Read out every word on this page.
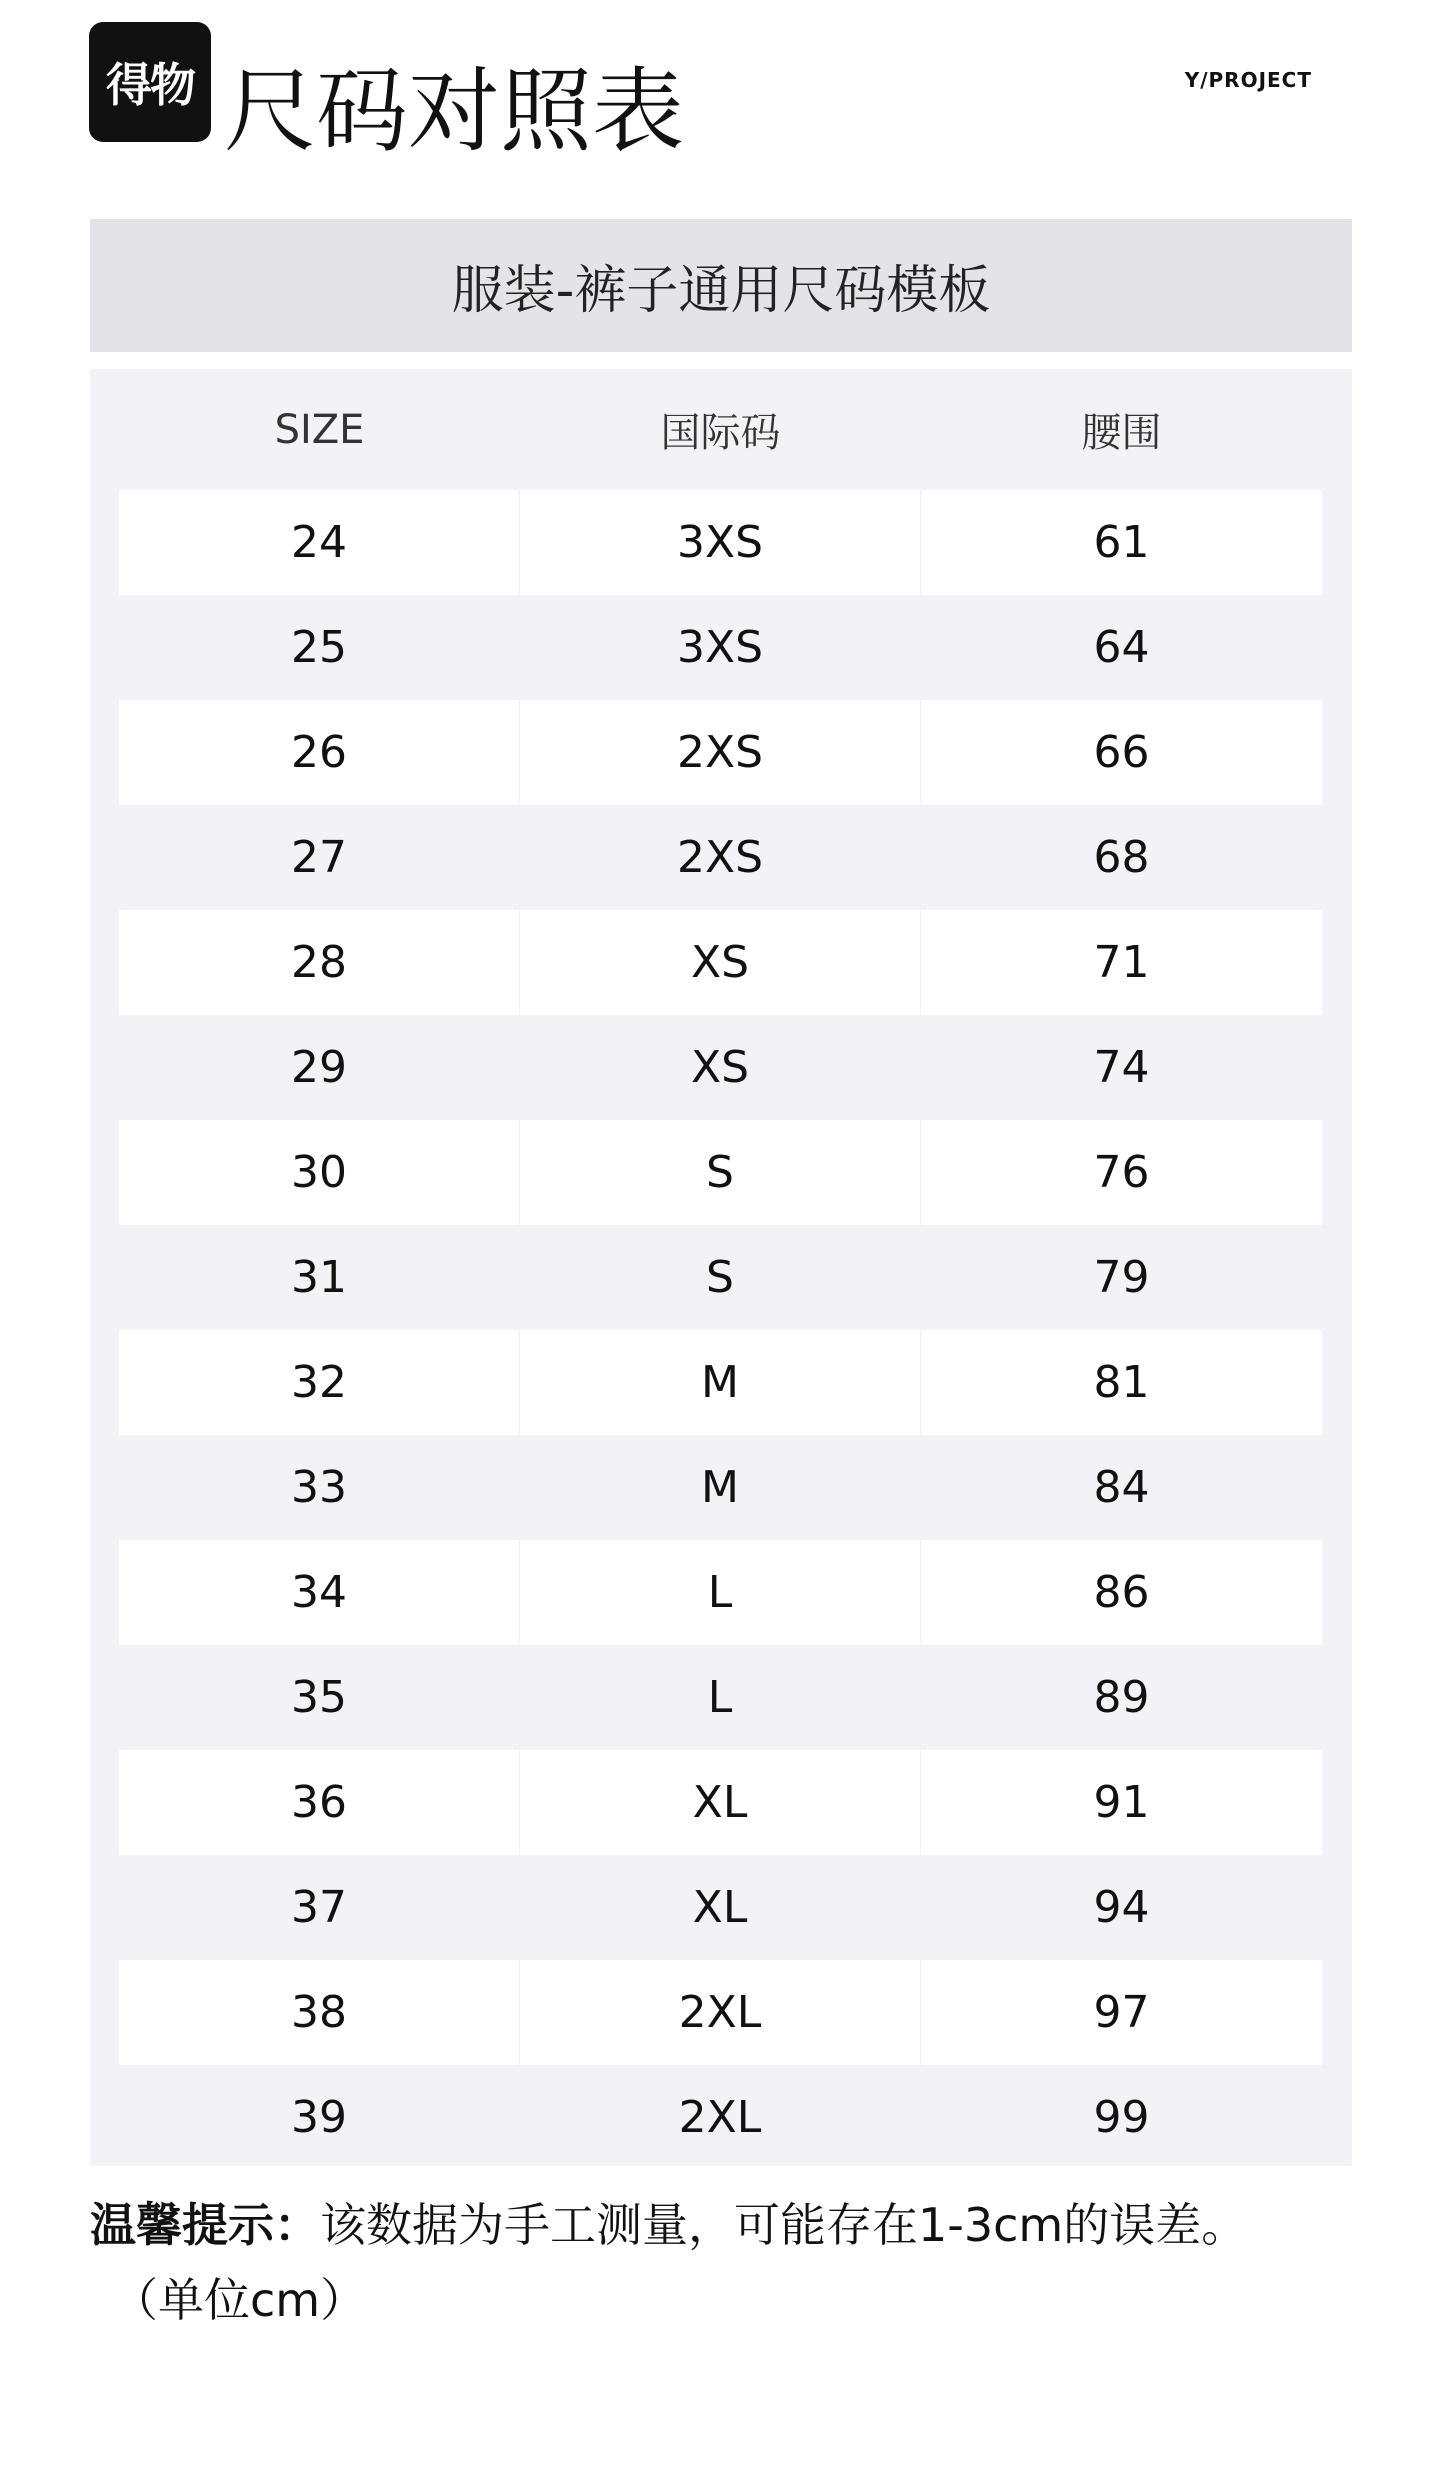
得物 尺码对照表	Y/PROJECT
服装-裤子通用尺码模板
SIZE	国际码	腰围
24	3XS	61
25	3XS	64
26	2XS	66
27	2XS	68
28	XS	71
29	XS	74
30	S	76
31	S	79
32	M	81
33	M	84
34	L	86
35	L	89
36	XL	91
37	XL	94
38	2XL	97
39	2XL	99
温馨提示：该数据为手工测量，可能存在1-3cm的误差。
（单位cm）
